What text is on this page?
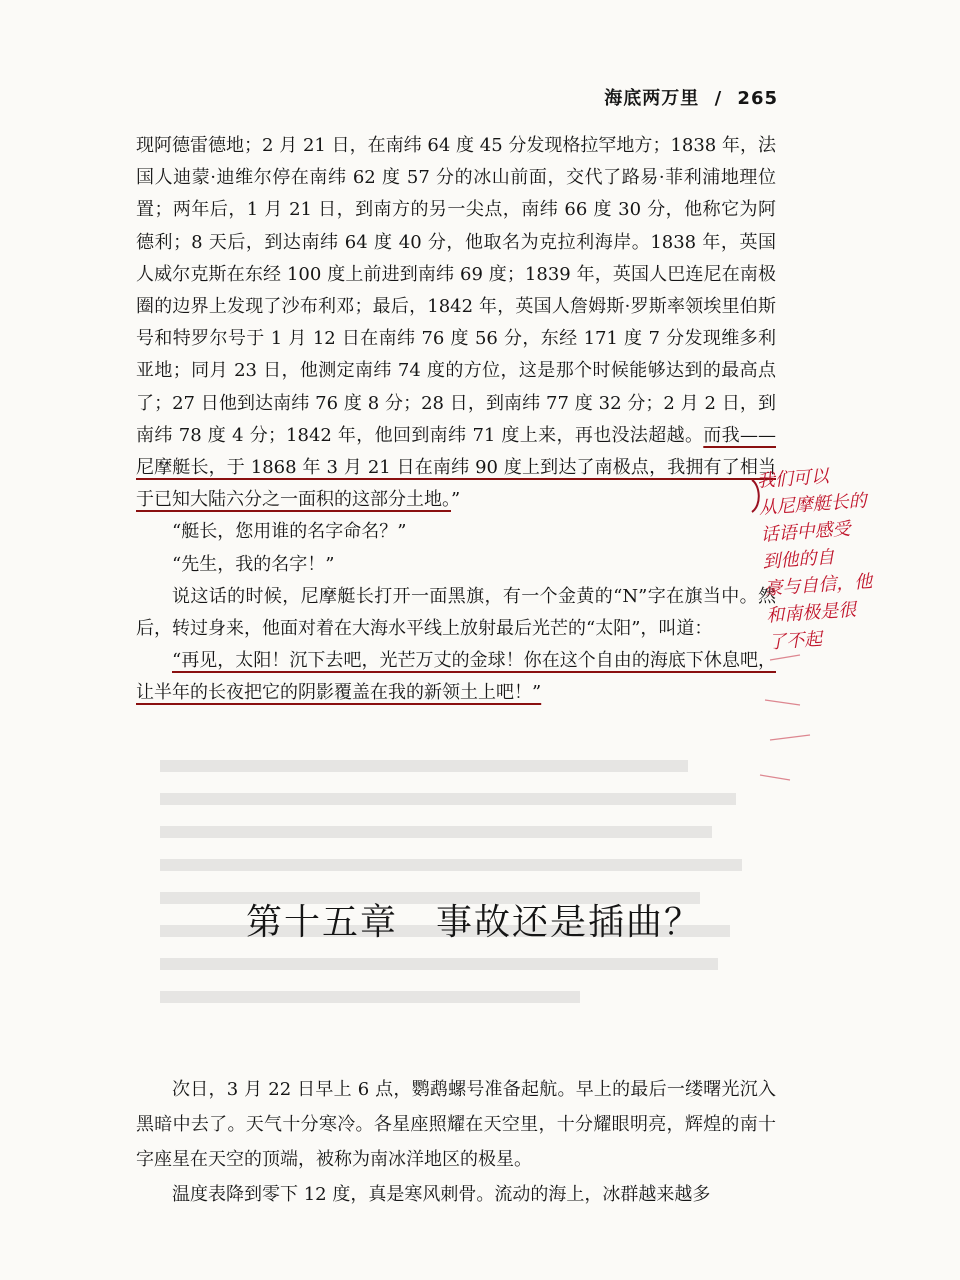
海底两万里 / 265

现阿德雷德地；2 月 21 日，在南纬 64 度 45 分发现格拉罕地方；1838 年，法国人迪蒙·迪维尔停在南纬 62 度 57 分的冰山前面，交代了路易·菲利浦地理位置；两年后，1 月 21 日，到南方的另一尖点，南纬 66 度 30 分，他称它为阿德利；8 天后，到达南纬 64 度 40 分，他取名为克拉利海岸。1838 年，英国人威尔克斯在东经 100 度上前进到南纬 69 度；1839 年，英国人巴连尼在南极圈的边界上发现了沙布利邓；最后，1842 年，英国人詹姆斯·罗斯率领埃里伯斯号和特罗尔号于 1 月 12 日在南纬 76 度 56 分，东经 171 度 7 分发现维多利亚地；同月 23 日，他测定南纬 74 度的方位，这是那个时候能够达到的最高点了；27 日他到达南纬 76 度 8 分；28 日，到南纬 77 度 32 分；2 月 2 日，到南纬 78 度 4 分；1842 年，他回到南纬 71 度上来，再也没法超越。而我——尼摩艇长，于 1868 年 3 月 21 日在南纬 90 度上到达了南极点，我拥有了相当于已知大陆六分之一面积的这部分土地。”

“艇长，您用谁的名字命名？”

“先生，我的名字！”

说这话的时候，尼摩艇长打开一面黑旗，有一个金黄的“N”字在旗当中。然后，转过身来，他面对着在大海水平线上放射最后光芒的“太阳”，叫道：

“再见，太阳！沉下去吧，光芒万丈的金球！你在这个自由的海底下休息吧，让半年的长夜把它的阴影覆盖在我的新领土上吧！”

第十五章　事故还是插曲？

次日，3 月 22 日早上 6 点，鹦鹉螺号准备起航。早上的最后一缕曙光沉入黑暗中去了。天气十分寒冷。各星座照耀在天空里，十分耀眼明亮，辉煌的南十字座星在天空的顶端，被称为南冰洋地区的极星。

温度表降到零下 12 度，真是寒风刺骨。流动的海上，冰群越来越多

我们可以
从尼摩艇长的
话语中感受
到他的自
豪与自信，他
和南极是很
了不起
